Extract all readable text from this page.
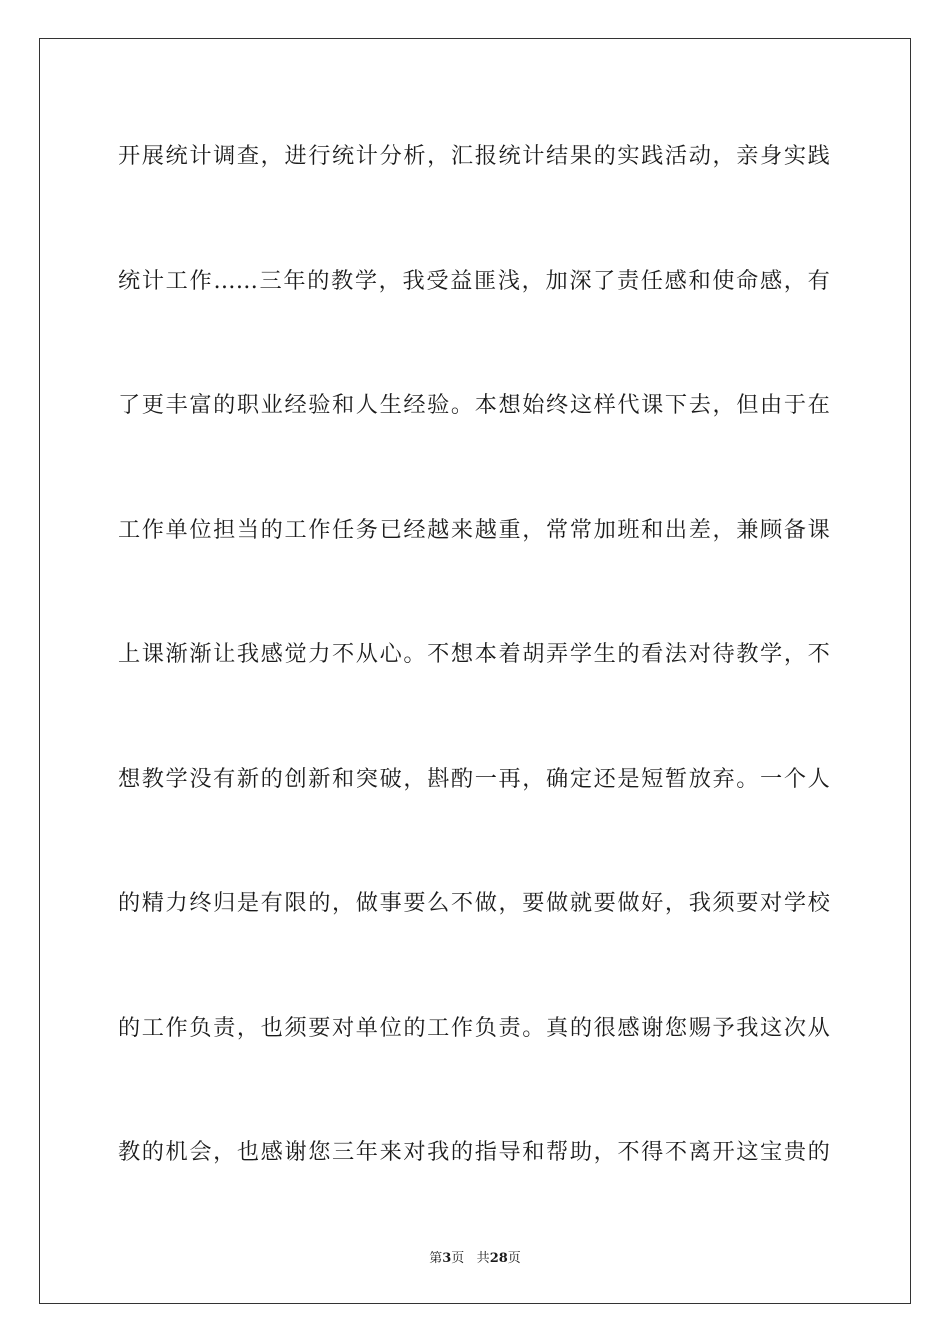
开展统计调查，进行统计分析，汇报统计结果的实践活动，亲身实践
统计工作……三年的教学，我受益匪浅，加深了责任感和使命感，有
了更丰富的职业经验和人生经验。本想始终这样代课下去，但由于在
工作单位担当的工作任务已经越来越重，常常加班和出差，兼顾备课
上课渐渐让我感觉力不从心。不想本着胡弄学生的看法对待教学，不
想教学没有新的创新和突破，斟酌一再，确定还是短暂放弃。一个人
的精力终归是有限的，做事要么不做，要做就要做好，我须要对学校
的工作负责，也须要对单位的工作负责。真的很感谢您赐予我这次从
教的机会，也感谢您三年来对我的指导和帮助，不得不离开这宝贵的
第3页 共28页
